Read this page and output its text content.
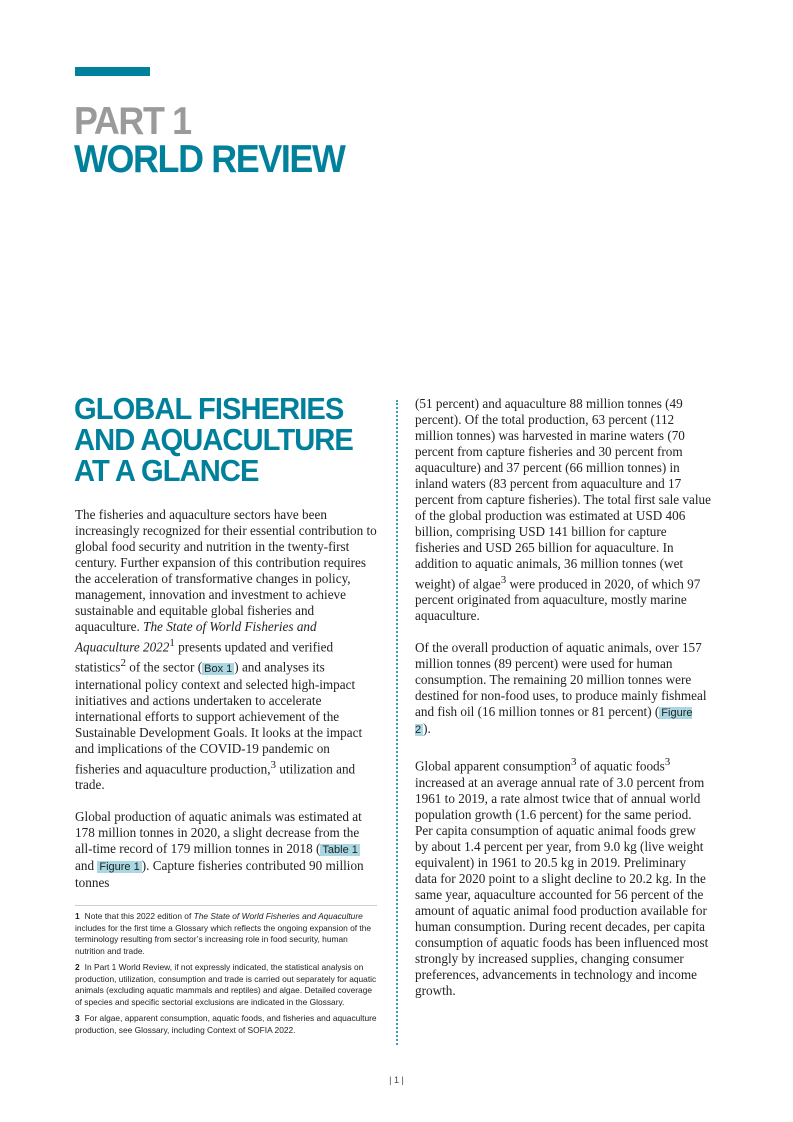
PART 1
WORLD REVIEW
GLOBAL FISHERIES
AND AQUACULTURE
AT A GLANCE

The fisheries and aquaculture sectors have been increasingly recognized for their essential contribution to global food security and nutrition in the twenty-first century. Further expansion of this contribution requires the acceleration of transformative changes in policy, management, innovation and investment to achieve sustainable and equitable global fisheries and aquaculture. The State of World Fisheries and Aquaculture 2022$^1$ presents updated and verified statistics$^2$ of the sector ( Box 1 ) and analyses its international policy context and selected high-impact initiatives and actions undertaken to accelerate international efforts to support achievement of the Sustainable Development Goals. It looks at the impact and implications of the COVID-19 pandemic on fisheries and aquaculture production,$^3$ utilization and trade.

Global production of aquatic animals was estimated at 178 million tonnes in 2020, a slight decrease from the all-time record of 179 million tonnes in 2018 ( Table 1 and Figure 1 ). Capture fisheries contributed 90 million tonnes

1 Note that this 2022 edition of The State of World Fisheries and Aquaculture includes for the first time a Glossary which reflects the ongoing expansion of the terminology resulting from sector’s increasing role in food security, human nutrition and trade.

2 In Part 1 World Review, if not expressly indicated, the statistical analysis on production, utilization, consumption and trade is carried out separately for aquatic animals (excluding aquatic mammals and reptiles) and algae. Detailed coverage of species and specific sectorial exclusions are indicated in the Glossary.

3 For algae, apparent consumption, aquatic foods, and fisheries and aquaculture production, see Glossary, including Context of SOFIA 2022.

(51 percent) and aquaculture 88 million tonnes (49 percent). Of the total production, 63 percent (112 million tonnes) was harvested in marine waters (70 percent from capture fisheries and 30 percent from aquaculture) and 37 percent (66 million tonnes) in inland waters (83 percent from aquaculture and 17 percent from capture fisheries). The total first sale value of the global production was estimated at USD 406 billion, comprising USD 141 billion for capture fisheries and USD 265 billion for aquaculture. In addition to aquatic animals, 36 million tonnes (wet weight) of algae$^3$ were produced in 2020, of which 97 percent originated from aquaculture, mostly marine aquaculture.

Of the overall production of aquatic animals, over 157 million tonnes (89 percent) were used for human consumption. The remaining 20 million tonnes were destined for non-food uses, to produce mainly fishmeal and fish oil (16 million tonnes or 81 percent) ( Figure 2 ).

Global apparent consumption$^3$ of aquatic foods$^3$ increased at an average annual rate of 3.0 percent from 1961 to 2019, a rate almost twice that of annual world population growth (1.6 percent) for the same period. Per capita consumption of aquatic animal foods grew by about 1.4 percent per year, from 9.0 kg (live weight equivalent) in 1961 to 20.5 kg in 2019. Preliminary data for 2020 point to a slight decline to 20.2 kg. In the same year, aquaculture accounted for 56 percent of the amount of aquatic animal food production available for human consumption. During recent decades, per capita consumption of aquatic foods has been influenced most strongly by increased supplies, changing consumer preferences, advancements in technology and income growth.

| 1 |
